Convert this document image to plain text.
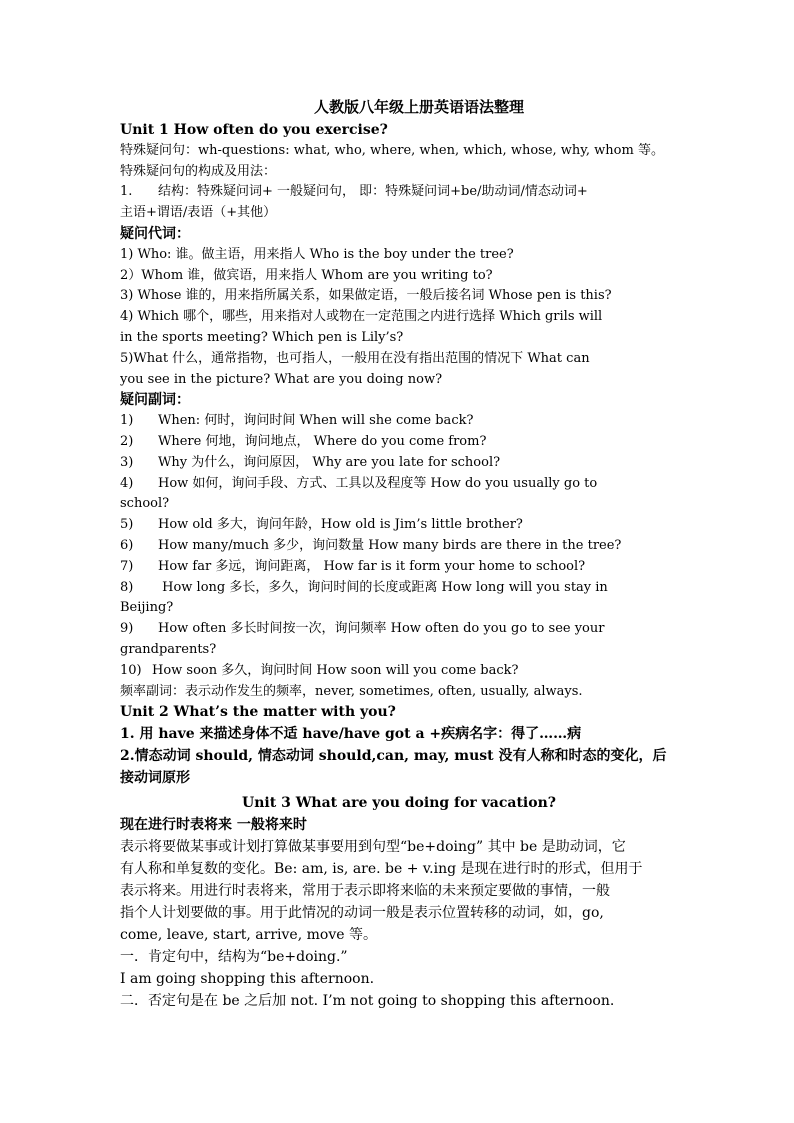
人教版八年级上册英语语法整理
Unit 1 How often do you exercise?
特殊疑问句：wh-questions: what, who, where, when, which, whose, why, whom 等。
特殊疑问句的构成及用法：
1. 结构：特殊疑问词+ 一般疑问句， 即：特殊疑问词+be/助动词/情态动词+
主语+谓语/表语（+其他）
疑问代词：
1) Who: 谁。做主语，用来指人 Who is the boy under the tree?
2）Whom 谁，做宾语，用来指人 Whom are you writing to?
3) Whose 谁的，用来指所属关系，如果做定语，一般后接名词 Whose pen is this?
4) Which 哪个，哪些，用来指对人或物在一定范围之内进行选择 Which grils will
in the sports meeting? Which pen is Lily’s?
5)What 什么，通常指物，也可指人，一般用在没有指出范围的情况下 What can
you see in the picture? What are you doing now?
疑问副词：
1) When: 何时，询问时间 When will she come back?
2) Where 何地，询问地点， Where do you come from?
3) Why 为什么，询问原因， Why are you late for school?
4) How 如何，询问手段、方式、工具以及程度等 How do you usually go to
school?
5) How old 多大，询问年龄，How old is Jim’s little brother?
6) How many/much 多少，询问数量 How many birds are there in the tree?
7) How far 多远，询问距离， How far is it form your home to school?
8) How long 多长，多久，询问时间的长度或距离 How long will you stay in
Beijing?
9) How often 多长时间按一次，询问频率 How often do you go to see your
grandparents?
10) How soon 多久，询问时间 How soon will you come back?
频率副词：表示动作发生的频率，never, sometimes, often, usually, always.
Unit 2 What’s the matter with you?
1. 用 have 来描述身体不适 have/have got a +疾病名字：得了……病
2.情态动词 should, 情态动词 should,can, may, must 没有人称和时态的变化，后
接动词原形
Unit 3 What are you doing for vacation?
现在进行时表将来 一般将来时
表示将要做某事或计划打算做某事要用到句型“be+doing” 其中 be 是助动词，它
有人称和单复数的变化。Be: am, is, are. be + v.ing 是现在进行时的形式，但用于
表示将来。用进行时表将来，常用于表示即将来临的未来预定要做的事情，一般
指个人计划要做的事。用于此情况的动词一般是表示位置转移的动词，如，go,
come, leave, start, arrive, move 等。
一．肯定句中，结构为“be+doing.”
I am going shopping this afternoon.
二．否定句是在 be 之后加 not. I’m not going to shopping this afternoon.
